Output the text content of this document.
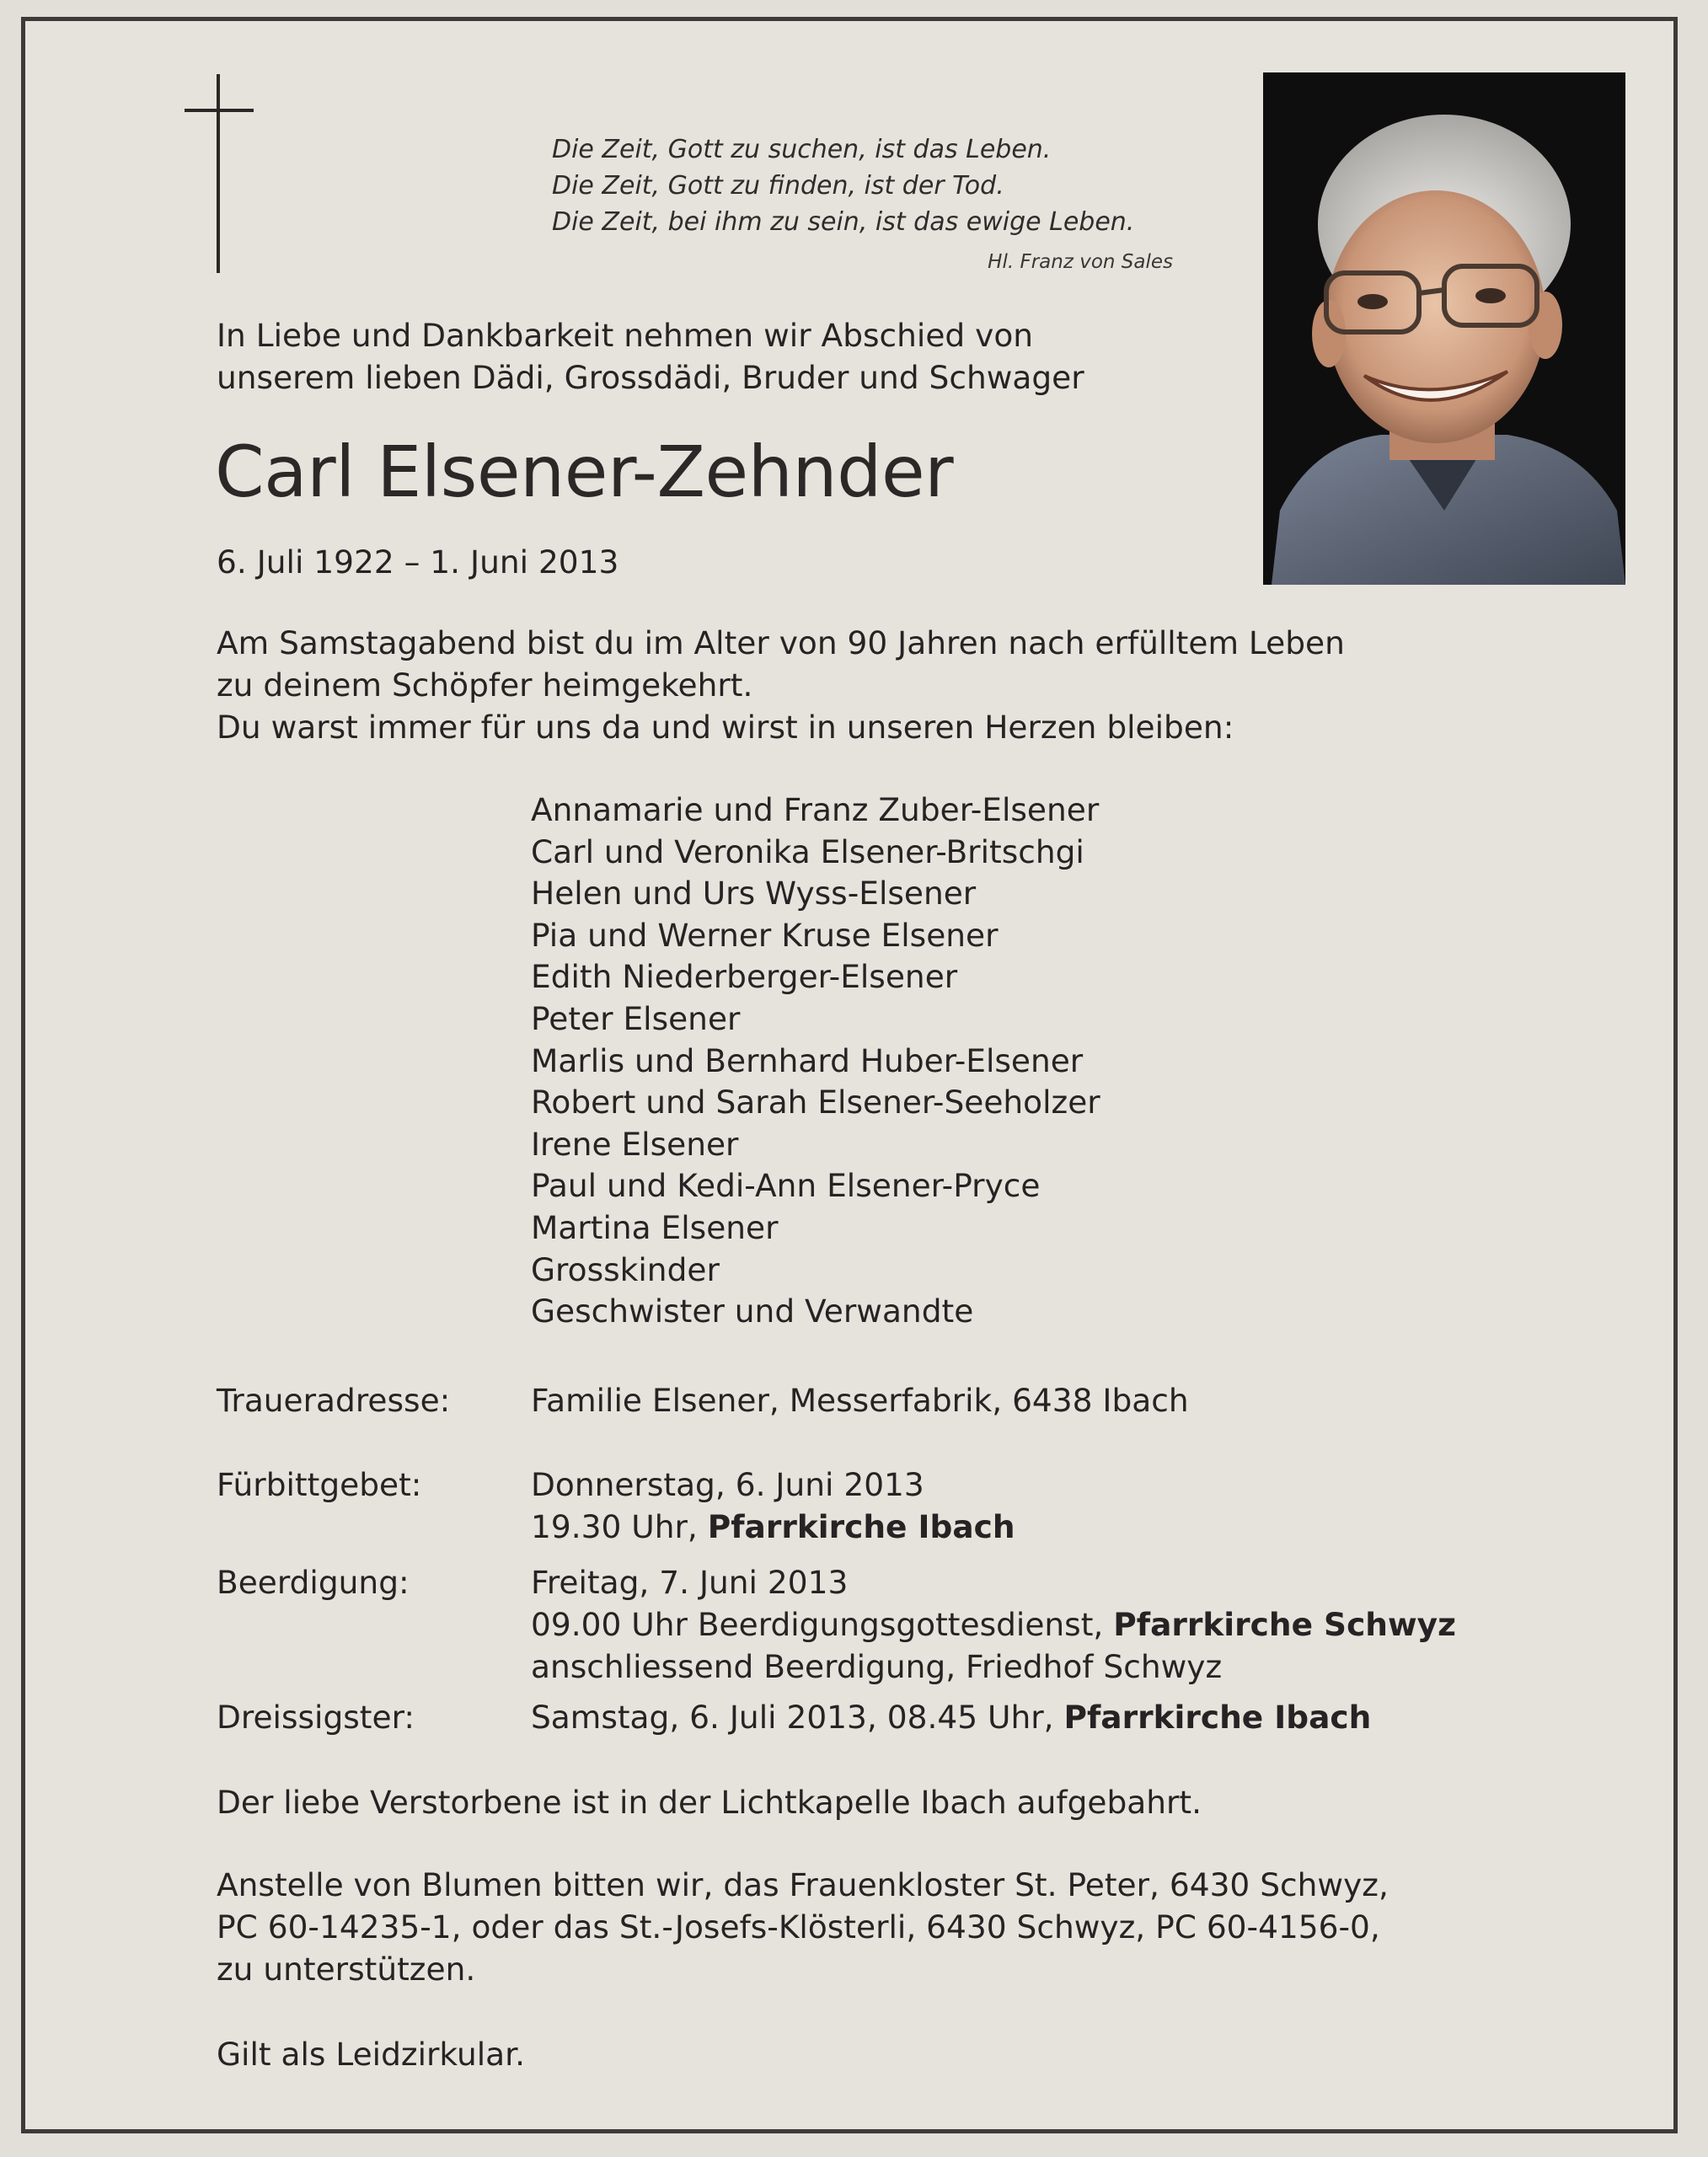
Die Zeit, Gott zu suchen, ist das Leben.
Die Zeit, Gott zu finden, ist der Tod.
Die Zeit, bei ihm zu sein, ist das ewige Leben.
Hl. Franz von Sales
In Liebe und Dankbarkeit nehmen wir Abschied von
unserem lieben Dädi, Grossdädi, Bruder und Schwager
Carl Elsener-Zehnder
6. Juli 1922 – 1. Juni 2013
Am Samstagabend bist du im Alter von 90 Jahren nach erfülltem Leben
zu deinem Schöpfer heimgekehrt.
Du warst immer für uns da und wirst in unseren Herzen bleiben:
Annamarie und Franz Zuber-Elsener
Carl und Veronika Elsener-Britschgi
Helen und Urs Wyss-Elsener
Pia und Werner Kruse Elsener
Edith Niederberger-Elsener
Peter Elsener
Marlis und Bernhard Huber-Elsener
Robert und Sarah Elsener-Seeholzer
Irene Elsener
Paul und Kedi-Ann Elsener-Pryce
Martina Elsener
Grosskinder
Geschwister und Verwandte
Traueradresse:	Familie Elsener, Messerfabrik, 6438 Ibach
Fürbittgebet:	Donnerstag, 6. Juni 2013
19.30 Uhr, Pfarrkirche Ibach
Beerdigung:	Freitag, 7. Juni 2013
09.00 Uhr Beerdigungsgottesdienst, Pfarrkirche Schwyz
anschliessend Beerdigung, Friedhof Schwyz
Dreissigster:	Samstag, 6. Juli 2013, 08.45 Uhr, Pfarrkirche Ibach
Der liebe Verstorbene ist in der Lichtkapelle Ibach aufgebahrt.
Anstelle von Blumen bitten wir, das Frauenkloster St. Peter, 6430 Schwyz,
PC 60-14235-1, oder das St.-Josefs-Klösterli, 6430 Schwyz, PC 60-4156-0,
zu unterstützen.
Gilt als Leidzirkular.
